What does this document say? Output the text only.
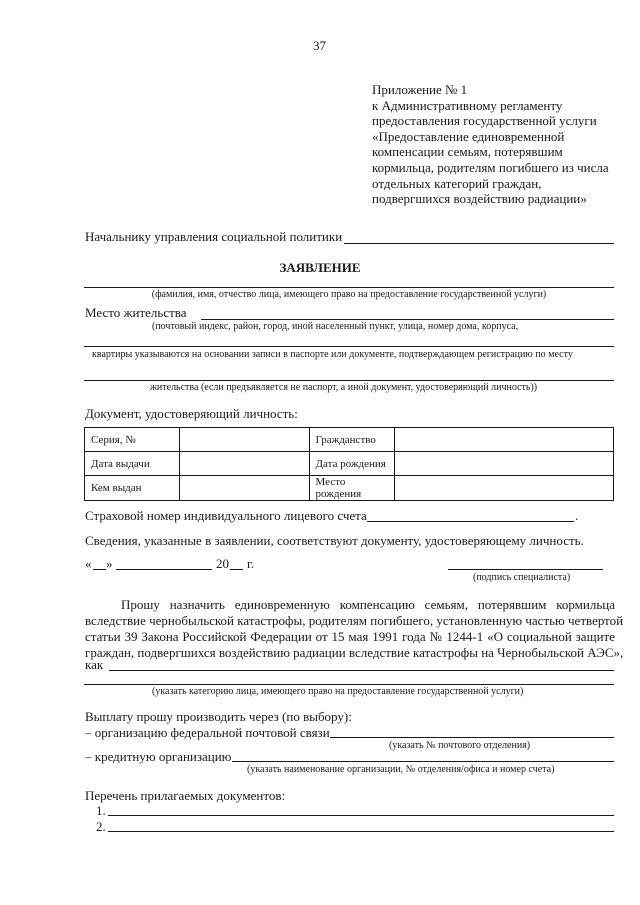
37
Приложение № 1
к Административному регламенту
предоставления государственной услуги
«Предоставление единовременной
компенсации семьям, потерявшим
кормильца, родителям погибшего из числа
отдельных категорий граждан,
подвергшихся воздействию радиации»
Начальнику управления социальной политики
ЗАЯВЛЕНИЕ
(фамилия, имя, отчество лица, имеющего право на предоставление государственной услуги)
Место жительства
(почтовый индекс, район, город, иной населенный пункт, улица, номер дома, корпуса,
квартиры указываются на основании записи в паспорте или документе, подтверждающем регистрацию по месту
жительства (если предъявляется не паспорт, а иной документ, удостоверяющий личность))
Документ, удостоверяющий личность:
Серия, №		Гражданство	
Дата выдачи		Дата рождения	
Кем выдан		Место рождения	
Страховой номер индивидуального лицевого счета	.
Сведения, указанные в заявлении, соответствуют документу, удостоверяющему личность.
« »	20 г.
(подпись специалиста)
Прошу назначить единовременную компенсацию семьям, потерявшим кормильца
вследствие чернобыльской катастрофы, родителям погибшего, установленную частью четвертой
статьи 39 Закона Российской Федерации от 15 мая 1991 года № 1244-1 «О социальной защите
граждан, подвергшихся воздействию радиации вследствие катастрофы на Чернобыльской АЭС»,
как
(указать категорию лица, имеющего право на предоставление государственной услуги)
Выплату прошу производить через (по выбору):
– организацию федеральной почтовой связи
(указать № почтового отделения)
– кредитную организацию
(указать наименование организации, № отделения/офиса и номер счета)
Перечень прилагаемых документов:
1.
2.
